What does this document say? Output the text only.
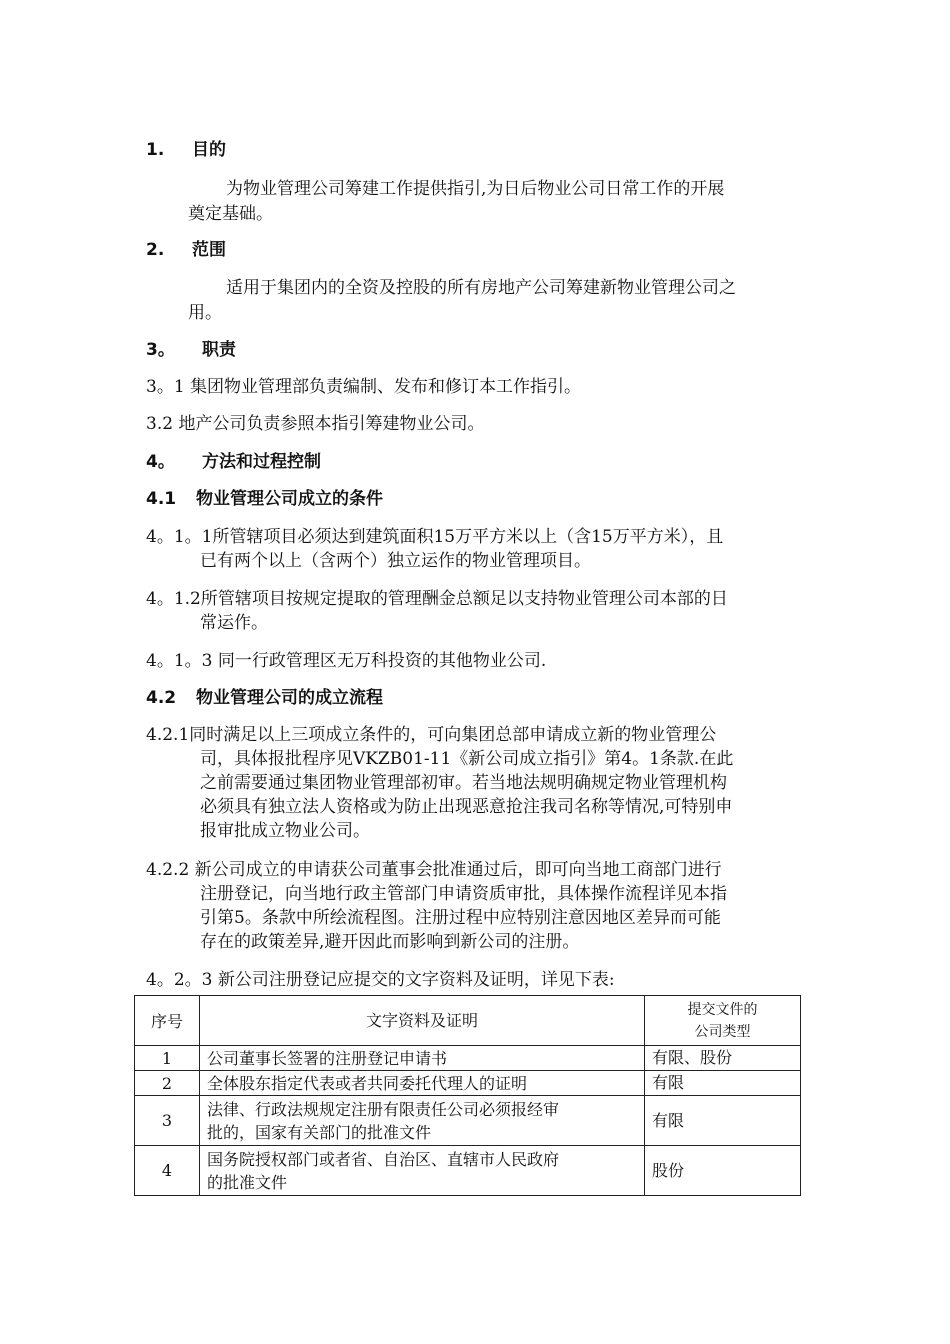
1. 目的
为物业管理公司筹建工作提供指引,为日后物业公司日常工作的开展
奠定基础。
2. 范围
适用于集团内的全资及控股的所有房地产公司筹建新物业管理公司之
用。
3。 职责
3。1 集团物业管理部负责编制、发布和修订本工作指引。
3.2 地产公司负责参照本指引筹建物业公司。
4。 方法和过程控制
4.1 物业管理公司成立的条件
4。1。1所管辖项目必须达到建筑面积15万平方米以上（含15万平方米），且
已有两个以上（含两个）独立运作的物业管理项目。
4。1.2所管辖项目按规定提取的管理酬金总额足以支持物业管理公司本部的日
常运作。
4。1。3 同一行政管理区无万科投资的其他物业公司.
4.2 物业管理公司的成立流程
4.2.1同时满足以上三项成立条件的，可向集团总部申请成立新的物业管理公
司，具体报批程序见VKZB01-11《新公司成立指引》第4。1条款.在此
之前需要通过集团物业管理部初审。若当地法规明确规定物业管理机构
必须具有独立法人资格或为防止出现恶意抢注我司名称等情况,可特别申
报审批成立物业公司。
4.2.2 新公司成立的申请获公司董事会批准通过后，即可向当地工商部门进行
注册登记，向当地行政主管部门申请资质审批，具体操作流程详见本指
引第5。条款中所绘流程图。注册过程中应特别注意因地区差异而可能
存在的政策差异,避开因此而影响到新公司的注册。
4。2。3 新公司注册登记应提交的文字资料及证明，详见下表:
序号	文字资料及证明	提交文件的
公司类型

1	公司董事长签署的注册登记申请书	有限、股份
2	全体股东指定代表或者共同委托代理人的证明	有限
3	法律、行政法规规定注册有限责任公司必须报经审
批的，国家有关部门的批准文件	有限
4	国务院授权部门或者省、自治区、直辖市人民政府
的批准文件	股份
